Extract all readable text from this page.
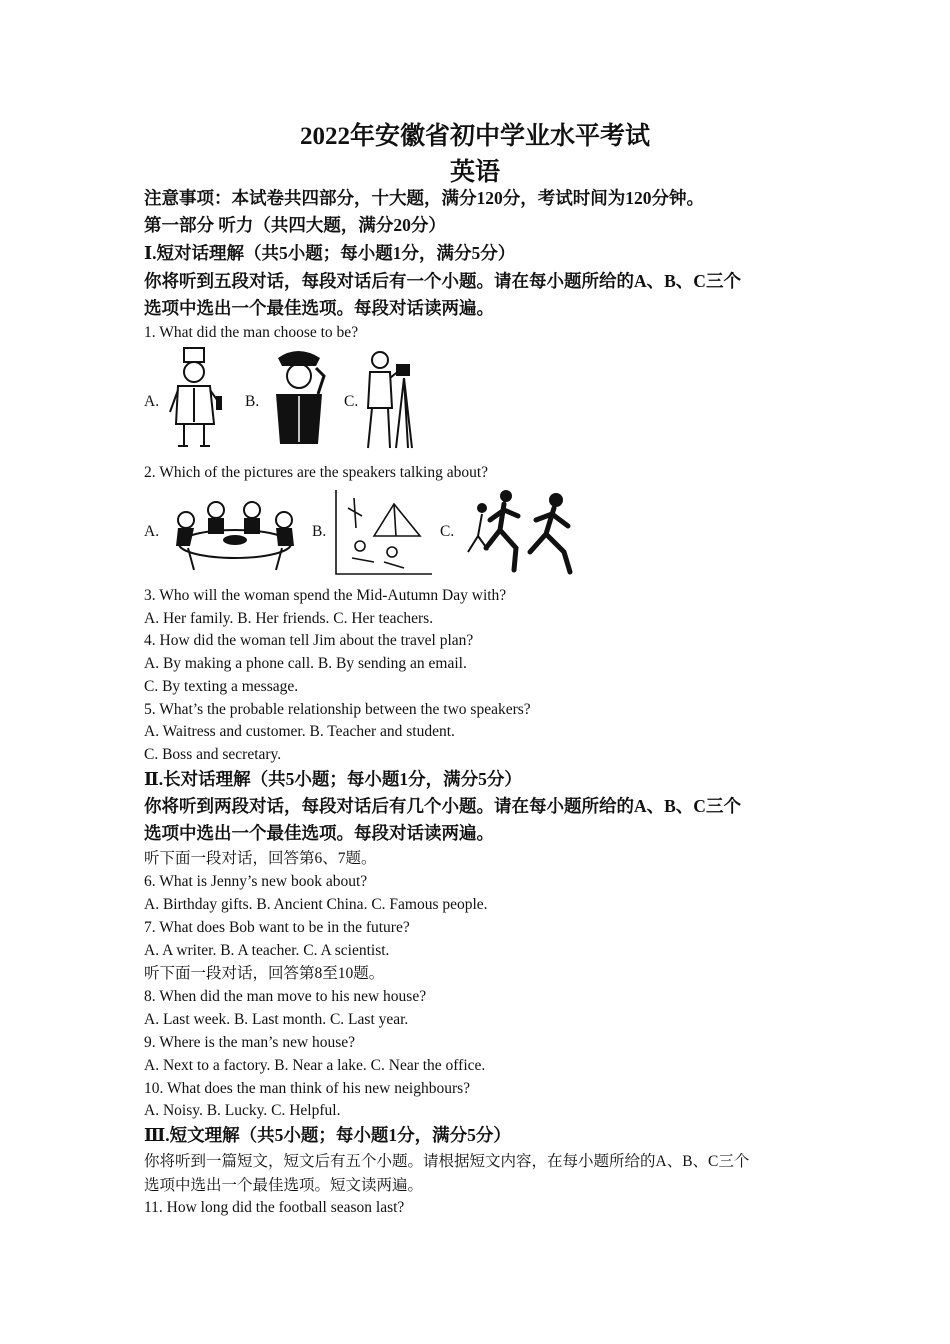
2022年安徽省初中学业水平考试
英语
注意事项：本试卷共四部分，十大题，满分120分，考试时间为120分钟。
第一部分 听力（共四大题，满分20分）
Ⅰ.短对话理解（共5小题；每小题1分，满分5分）
你将听到五段对话，每段对话后有一个小题。请在每小题所给的A、B、C三个
选项中选出一个最佳选项。每段对话读两遍。
1. What did the man choose to be?
A.	B.	C.
2. Which of the pictures are the speakers talking about?
A.	B.	C.
3. Who will the woman spend the Mid-Autumn Day with?
A. Her family. B. Her friends. C. Her teachers.
4. How did the woman tell Jim about the travel plan?
A. By making a phone call. B. By sending an email.
C. By texting a message.
5. What’s the probable relationship between the two speakers?
A. Waitress and customer. B. Teacher and student.
C. Boss and secretary.
Ⅱ.长对话理解（共5小题；每小题1分，满分5分）
你将听到两段对话，每段对话后有几个小题。请在每小题所给的A、B、C三个
选项中选出一个最佳选项。每段对话读两遍。
听下面一段对话，回答第6、7题。
6. What is Jenny’s new book about?
A. Birthday gifts. B. Ancient China. C. Famous people.
7. What does Bob want to be in the future?
A. A writer. B. A teacher. C. A scientist.
听下面一段对话，回答第8至10题。
8. When did the man move to his new house?
A. Last week. B. Last month. C. Last year.
9. Where is the man’s new house?
A. Next to a factory. B. Near a lake. C. Near the office.
10. What does the man think of his new neighbours?
A. Noisy. B. Lucky. C. Helpful.
Ⅲ.短文理解（共5小题；每小题1分，满分5分）
你将听到一篇短文，短文后有五个小题。请根据短文内容，在每小题所给的A、B、C三个
选项中选出一个最佳选项。短文读两遍。
11. How long did the football season last?
